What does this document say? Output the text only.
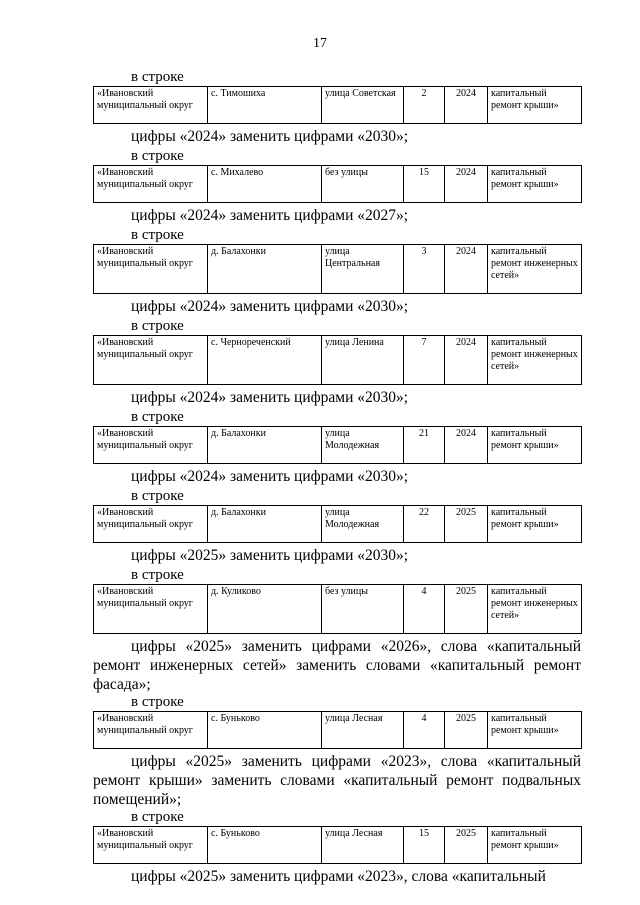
17
в строке
«Ивановский муниципальный округ	с. Тимошиха	улица Советская	2	2024	капитальный ремонт крыши»
цифры «2024» заменить цифрами «2030»;
в строке
«Ивановский муниципальный округ	с. Михалево	без улицы	15	2024	капитальный ремонт крыши»
цифры «2024» заменить цифрами «2027»;
в строке
«Ивановский муниципальный округ	д. Балахонки	улица Центральная	3	2024	капитальный ремонт инженерных сетей»
цифры «2024» заменить цифрами «2030»;
в строке
«Ивановский муниципальный округ	с. Чернореченский	улица Ленина	7	2024	капитальный ремонт инженерных сетей»
цифры «2024» заменить цифрами «2030»;
в строке
«Ивановский муниципальный округ	д. Балахонки	улица Молодежная	21	2024	капитальный ремонт крыши»
цифры «2024» заменить цифрами «2030»;
в строке
«Ивановский муниципальный округ	д. Балахонки	улица Молодежная	22	2025	капитальный ремонт крыши»
цифры «2025» заменить цифрами «2030»;
в строке
«Ивановский муниципальный округ	д. Куликово	без улицы	4	2025	капитальный ремонт инженерных сетей»
цифры «2025» заменить цифрами «2026», слова «капитальный ремонт инженерных сетей» заменить словами «капитальный ремонт фасада»;
в строке
«Ивановский муниципальный округ	с. Буньково	улица Лесная	4	2025	капитальный ремонт крыши»
цифры «2025» заменить цифрами «2023», слова «капитальный ремонт крыши» заменить словами «капитальный ремонт подвальных помещений»;
в строке
«Ивановский муниципальный округ	с. Буньково	улица Лесная	15	2025	капитальный ремонт крыши»
цифры «2025» заменить цифрами «2023», слова «капитальный
